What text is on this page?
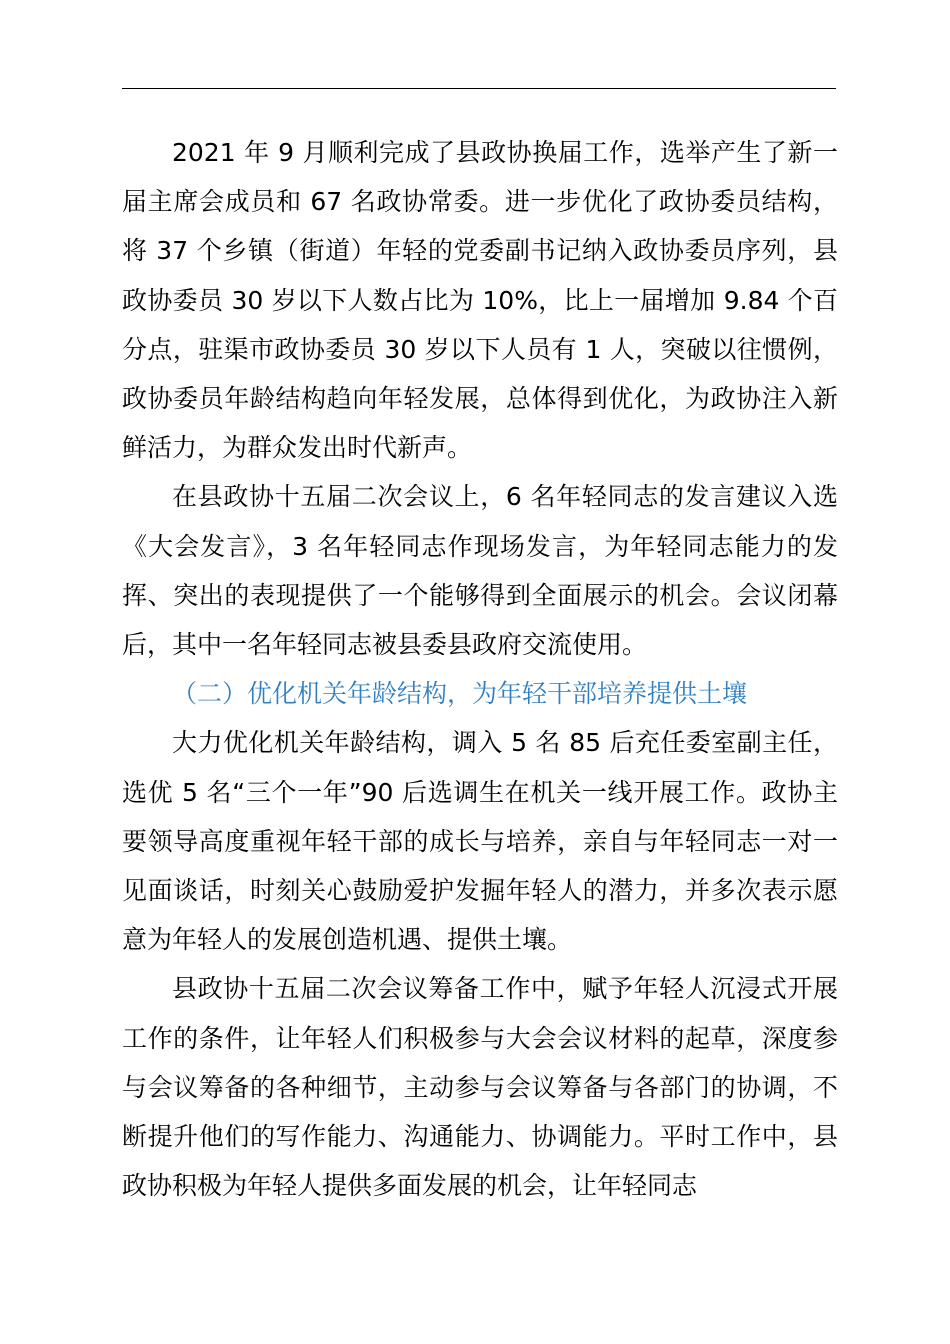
2021 年 9 月顺利完成了县政协换届工作，选举产生了新一届主席会成员和 67 名政协常委。进一步优化了政协委员结构，将 37 个乡镇（街道）年轻的党委副书记纳入政协委员序列，县政协委员 30 岁以下人数占比为 10%，比上一届增加 9.84 个百分点，驻渠市政协委员 30 岁以下人员有 1 人，突破以往惯例，政协委员年龄结构趋向年轻发展，总体得到优化，为政协注入新鲜活力，为群众发出时代新声。

在县政协十五届二次会议上，6 名年轻同志的发言建议入选《大会发言》，3 名年轻同志作现场发言，为年轻同志能力的发挥、突出的表现提供了一个能够得到全面展示的机会。会议闭幕后，其中一名年轻同志被县委县政府交流使用。

（二）优化机关年龄结构，为年轻干部培养提供土壤

大力优化机关年龄结构，调入 5 名 85 后充任委室副主任，选优 5 名“三个一年”90 后选调生在机关一线开展工作。政协主要领导高度重视年轻干部的成长与培养，亲自与年轻同志一对一见面谈话，时刻关心鼓励爱护发掘年轻人的潜力，并多次表示愿意为年轻人的发展创造机遇、提供土壤。

县政协十五届二次会议筹备工作中，赋予年轻人沉浸式开展工作的条件，让年轻人们积极参与大会会议材料的起草，深度参与会议筹备的各种细节，主动参与会议筹备与各部门的协调，不断提升他们的写作能力、沟通能力、协调能力。平时工作中，县政协积极为年轻人提供多面发展的机会，让年轻同志
